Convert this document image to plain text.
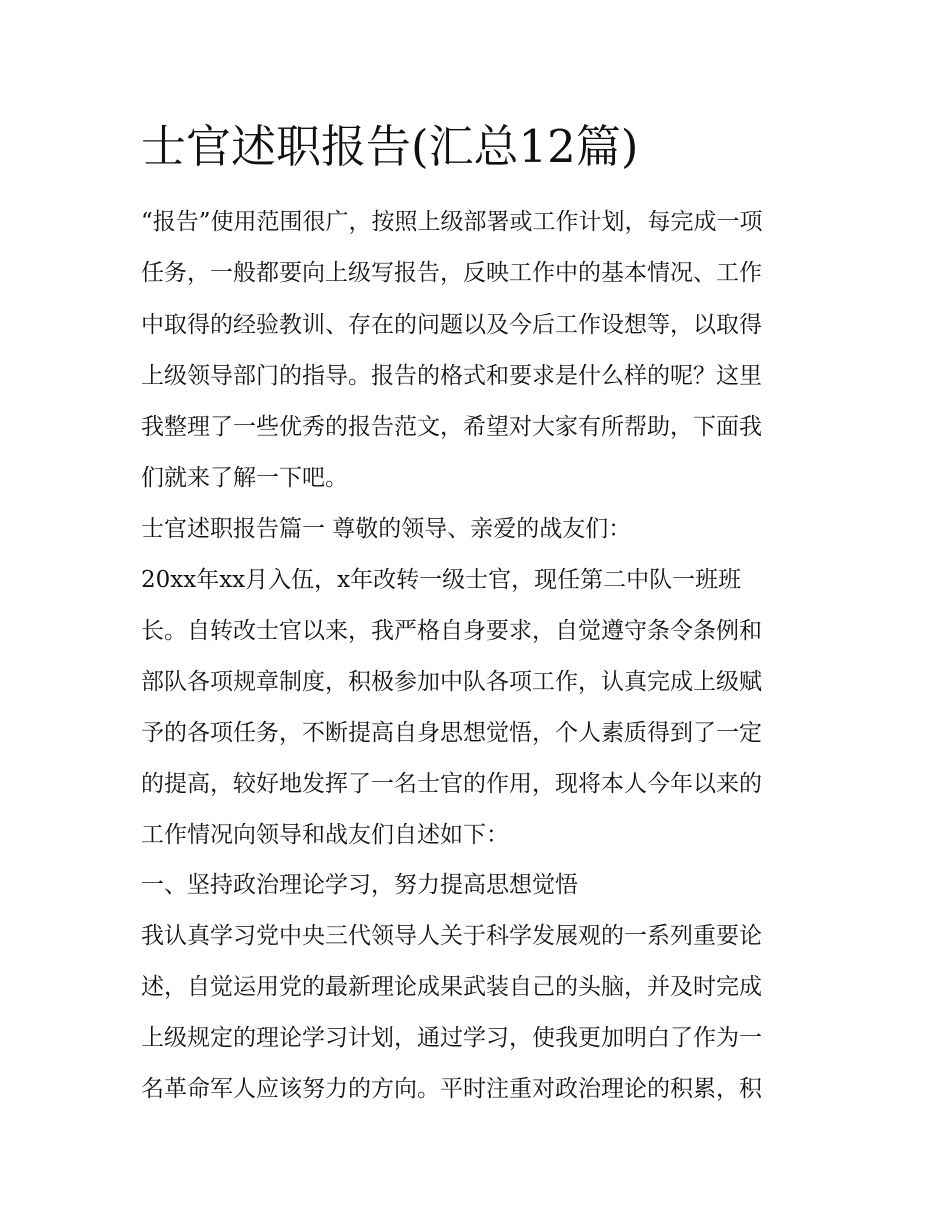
士官述职报告(汇总12篇)

“报告”使用范围很广，按照上级部署或工作计划，每完成一项

任务，一般都要向上级写报告，反映工作中的基本情况、工作

中取得的经验教训、存在的问题以及今后工作设想等，以取得

上级领导部门的指导。报告的格式和要求是什么样的呢？这里

我整理了一些优秀的报告范文，希望对大家有所帮助，下面我

们就来了解一下吧。

士官述职报告篇一 尊敬的领导、亲爱的战友们：

20xx年xx月入伍，x年改转一级士官，现任第二中队一班班

长。自转改士官以来，我严格自身要求，自觉遵守条令条例和

部队各项规章制度，积极参加中队各项工作，认真完成上级赋

予的各项任务，不断提高自身思想觉悟，个人素质得到了一定

的提高，较好地发挥了一名士官的作用，现将本人今年以来的

工作情况向领导和战友们自述如下：

一、坚持政治理论学习，努力提高思想觉悟

我认真学习党中央三代领导人关于科学发展观的一系列重要论

述，自觉运用党的最新理论成果武装自己的头脑，并及时完成

上级规定的理论学习计划，通过学习，使我更加明白了作为一

名革命军人应该努力的方向。平时注重对政治理论的积累，积
